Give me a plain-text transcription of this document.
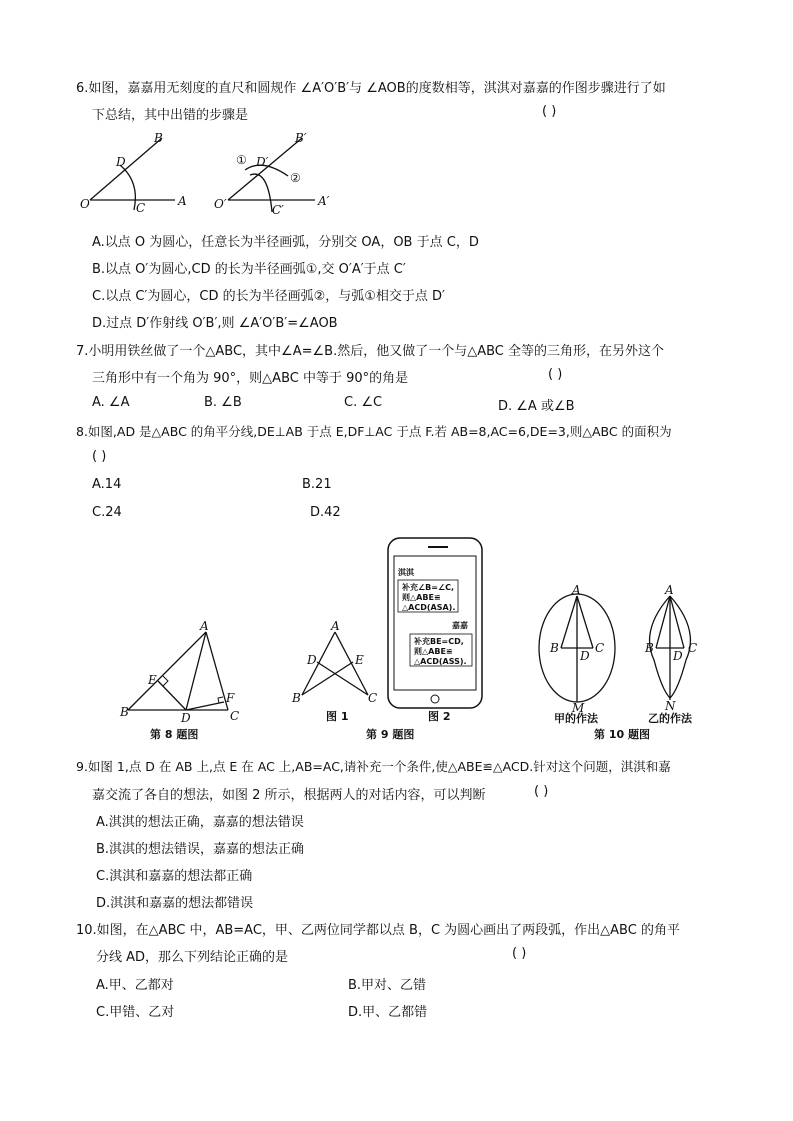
6.如图，嘉嘉用无刻度的直尺和圆规作 ∠A′O′B′与 ∠AOB的度数相等，淇淇对嘉嘉的作图步骤进行了如
下总结，其中出错的步骤是	( )
B
D
O	C	A
B′
D′
O′	C′
A′
①
②
A.以点 O 为圆心，任意长为半径画弧，分别交 OA，OB 于点 C，D
B.以点 O′为圆心,CD 的长为半径画弧①,交 O′A′于点 C′
C.以点 C′为圆心，CD 的长为半径画弧②，与弧①相交于点 D′
D.过点 D′作射线 O′B′,则 ∠A′O′B′=∠AOB
7.小明用铁丝做了一个△ABC，其中∠A=∠B.然后，他又做了一个与△ABC 全等的三角形，在另外这个
三角形中有一个角为 90°，则△ABC 中等于 90°的角是	( )
A. ∠A	B. ∠B	C. ∠C	D. ∠A 或∠B
8.如图,AD 是△ABC 的角平分线,DE⊥AB 于点 E,DF⊥AC 于点 F.若 AB=8,AC=6,DE=3,则△ABC 的面积为
( )
A.14	B.21
C.24	D.42
A
E
F
B	D	C
第 8 题图
A
D	E
B	C
图 1
淇淇
补充∠B=∠C,
则△ABE≌
△ACD(ASA).
嘉嘉
补充BE=CD,
则△ABE≌
△ACD(ASS).
图 2
第 9 题图
A
B	C
D
M
甲的作法
A
B	C
D
N
乙的作法
第 10 题图
9.如图 1,点 D 在 AB 上,点 E 在 AC 上,AB=AC,请补充一个条件,使△ABE≌△ACD.针对这个问题，淇淇和嘉
嘉交流了各自的想法，如图 2 所示，根据两人的对话内容，可以判断	( )
A.淇淇的想法正确，嘉嘉的想法错误
B.淇淇的想法错误，嘉嘉的想法正确
C.淇淇和嘉嘉的想法都正确
D.淇淇和嘉嘉的想法都错误
10.如图，在△ABC 中，AB=AC，甲、乙两位同学都以点 B，C 为圆心画出了两段弧，作出△ABC 的角平
分线 AD，那么下列结论正确的是	( )
A.甲、乙都对	B.甲对、乙错
C.甲错、乙对	D.甲、乙都错
